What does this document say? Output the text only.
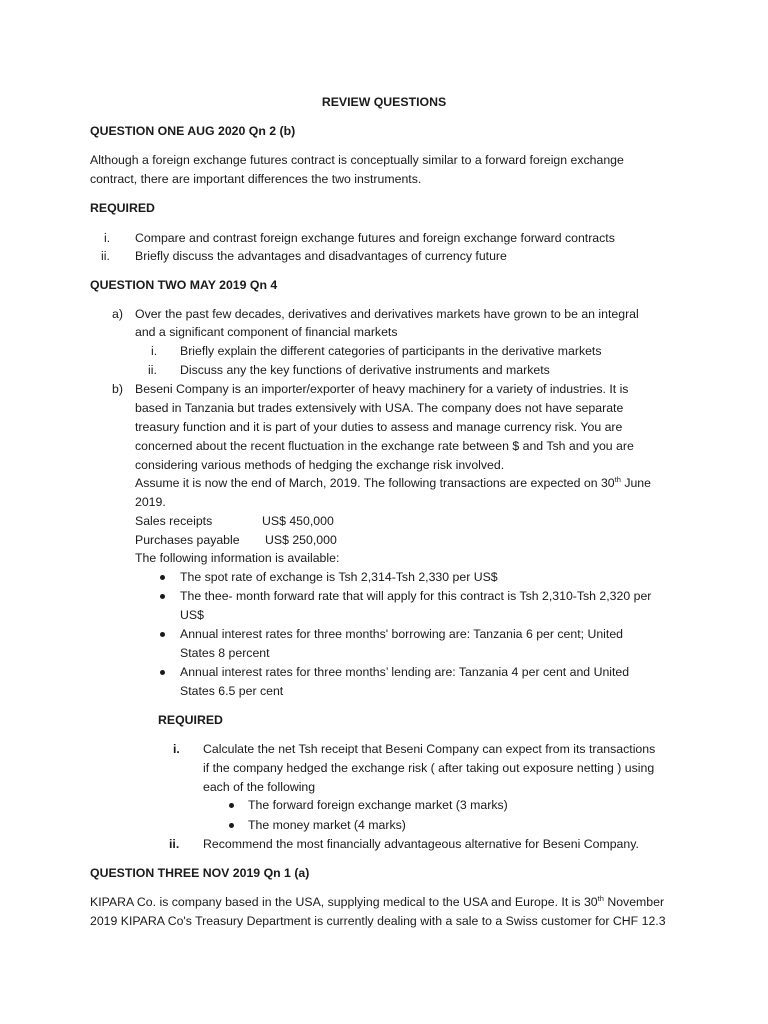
REVIEW QUESTIONS
QUESTION ONE AUG 2020 Qn 2 (b)
Although a foreign exchange futures contract is conceptually similar to a forward foreign exchange
contract, there are important differences the two instruments.
REQUIRED
i. Compare and contrast foreign exchange futures and foreign exchange forward contracts
ii. Briefly discuss the advantages and disadvantages of currency future
QUESTION TWO MAY 2019 Qn 4
a) Over the past few decades, derivatives and derivatives markets have grown to be an integral
and a significant component of financial markets
i. Briefly explain the different categories of participants in the derivative markets
ii. Discuss any the key functions of derivative instruments and markets
b) Beseni Company is an importer/exporter of heavy machinery for a variety of industries. It is
based in Tanzania but trades extensively with USA. The company does not have separate
treasury function and it is part of your duties to assess and manage currency risk. You are
concerned about the recent fluctuation in the exchange rate between $ and Tsh and you are
considering various methods of hedging the exchange risk involved.
Assume it is now the end of March, 2019. The following transactions are expected on 30th June
2019.
Sales receipts	US$ 450,000
Purchases payable US$ 250,000
The following information is available:
The spot rate of exchange is Tsh 2,314-Tsh 2,330 per US$
The thee- month forward rate that will apply for this contract is Tsh 2,310-Tsh 2,320 per
US$
Annual interest rates for three months' borrowing are: Tanzania 6 per cent; United
States 8 percent
Annual interest rates for three months’ lending are: Tanzania 4 per cent and United
States 6.5 per cent
REQUIRED
i. Calculate the net Tsh receipt that Beseni Company can expect from its transactions
if the company hedged the exchange risk ( after taking out exposure netting ) using
each of the following
The forward foreign exchange market (3 marks)
The money market (4 marks)
ii. Recommend the most financially advantageous alternative for Beseni Company.
QUESTION THREE NOV 2019 Qn 1 (a)
KIPARA Co. is company based in the USA, supplying medical to the USA and Europe. It is 30th November
2019 KIPARA Co's Treasury Department is currently dealing with a sale to a Swiss customer for CHF 12.3
